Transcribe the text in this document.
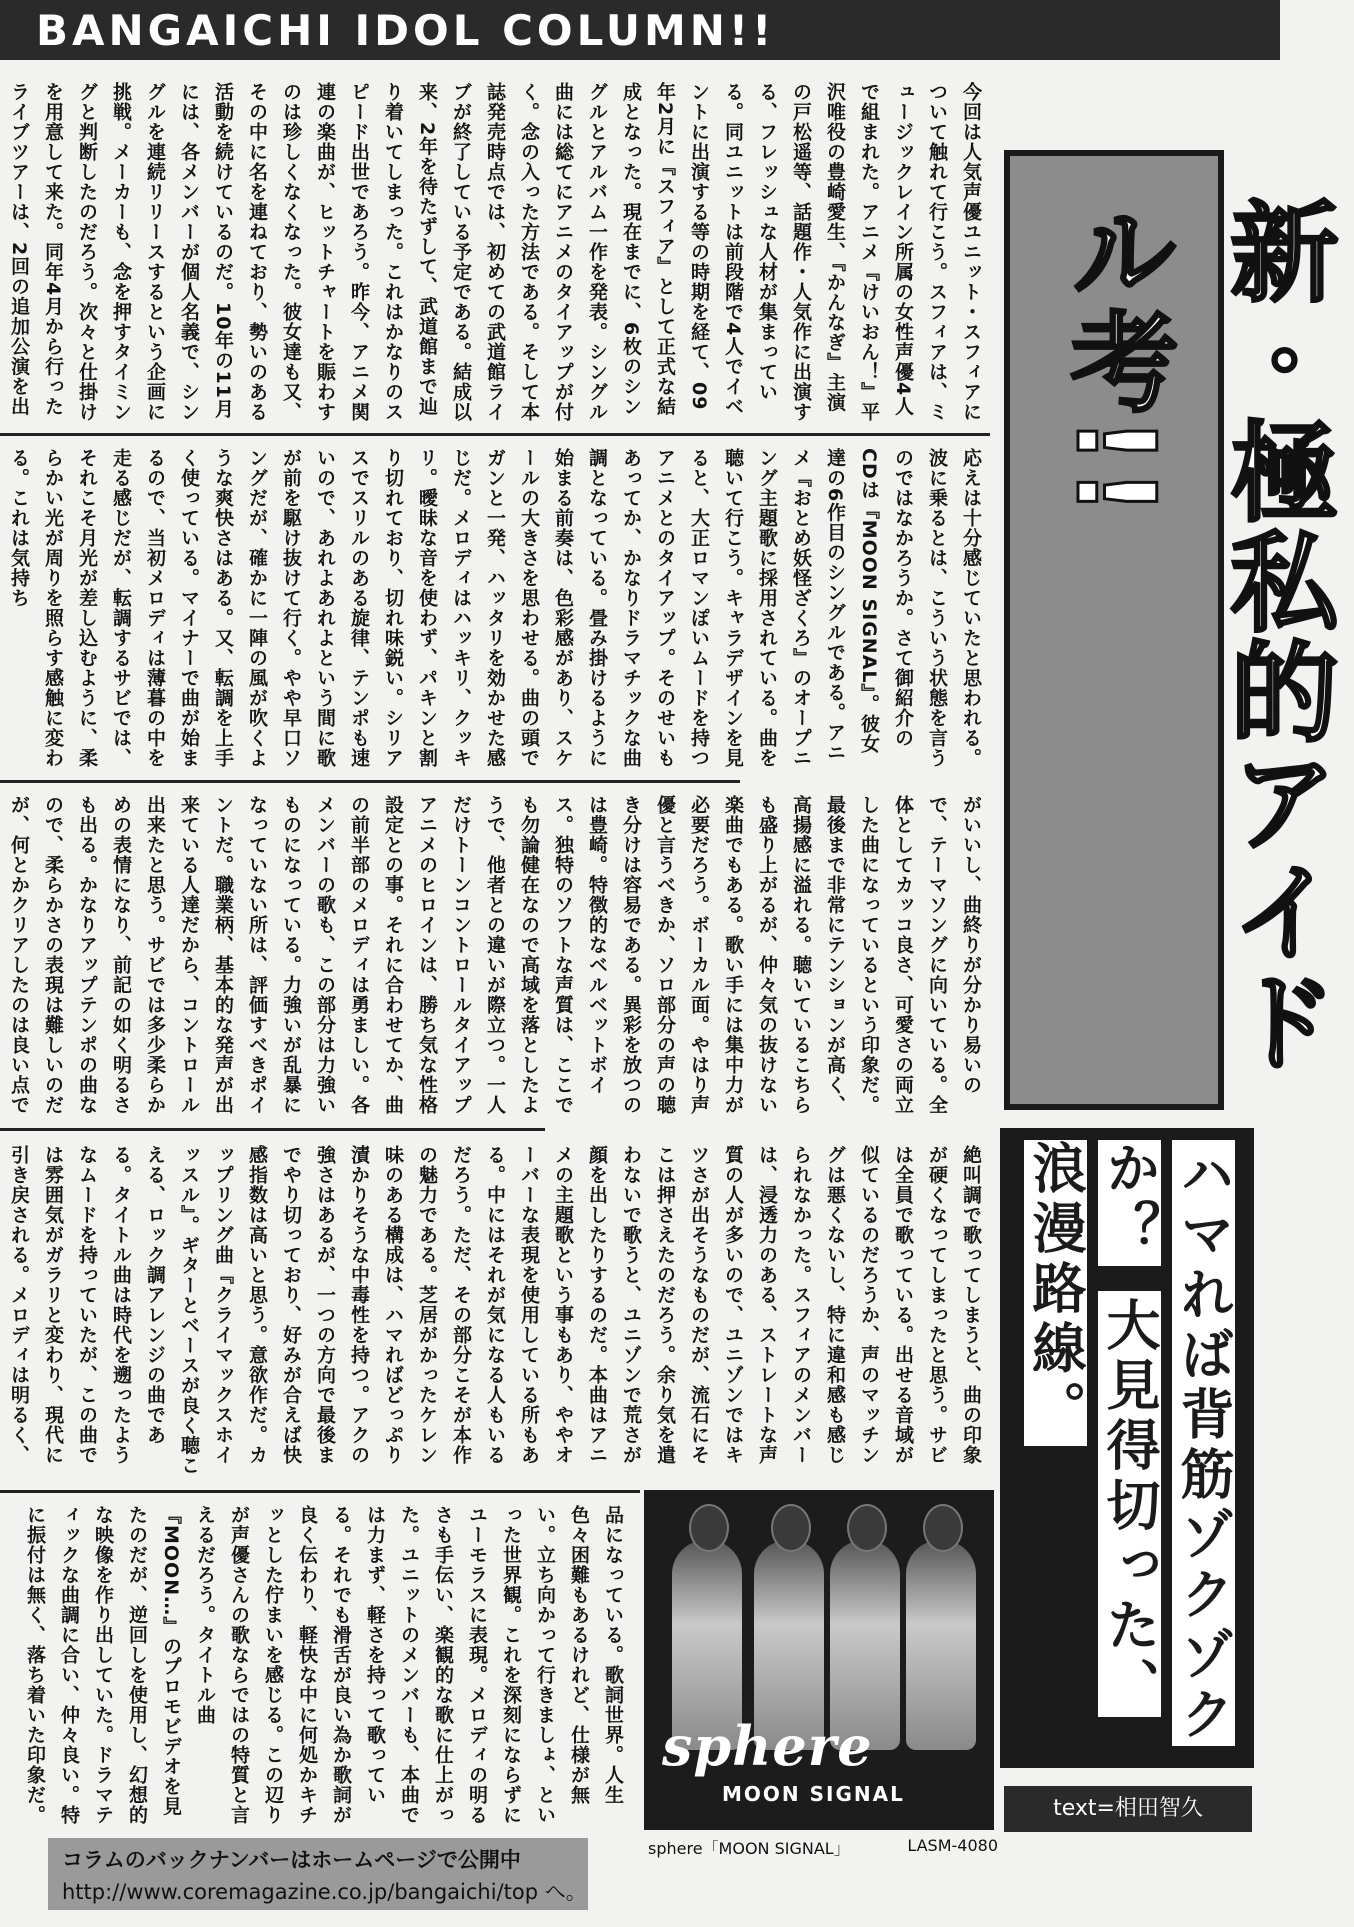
BANGAICHI IDOL COLUMN!!
今回は人気声優ユニット・スフィアについて触れて行こう。スフィアは、ミュージックレイン所属の女性声優4人で組まれた。アニメ『けいおん！』平沢唯役の豊崎愛生、『かんなぎ』主演の戸松遥等、話題作・人気作に出演する、フレッシュな人材が集まっている。同ユニットは前段階で4人でイベントに出演する等の時期を経て、09年2月に『スフィア』として正式な結成となった。現在までに、6枚のシングルとアルバム一作を発表。シングル曲には総てにアニメのタイアップが付く。念の入った方法である。そして本誌発売時点では、初めての武道館ライブが終了している予定である。結成以来、2年を待たずして、武道館まで辿り着いてしまった。これはかなりのスピード出世であろう。昨今、アニメ関連の楽曲が、ヒットチャートを賑わすのは珍しくなくなった。彼女達も又、その中に名を連ねており、勢いのある活動を続けているのだ。10年の11月には、各メンバーが個人名義で、シングルを連続リリースするという企画に挑戦。メーカーも、念を押すタイミングと判断したのだろう。次々と仕掛けを用意して来た。同年4月から行ったライブツアーは、2回の追加公演を出
応えは十分感じていたと思われる。波に乗るとは、こういう状態を言うのではなかろうか。さて御紹介のCDは『MOON SIGNAL』。彼女達の6作目のシングルである。アニメ『おとめ妖怪ざくろ』のオープニング主題歌に採用されている。曲を聴いて行こう。キャラデザインを見ると、大正ロマンぽいムードを持つアニメとのタイアップ。そのせいもあってか、かなりドラマチックな曲調となっている。畳み掛けるように始まる前奏は、色彩感があり、スケールの大きさを思わせる。曲の頭でガンと一発、ハッタリを効かせた感じだ。メロディはハッキリ、クッキリ。曖昧な音を使わず、パキンと割り切れており、切れ味鋭い。シリアスでスリルのある旋律、テンポも速いので、あれよあれよという間に歌が前を駆け抜けて行く。やや早口ソングだが、確かに一陣の風が吹くような爽快さはある。又、転調を上手く使っている。マイナーで曲が始まるので、当初メロディは薄暮の中を走る感じだが、転調するサビでは、それこそ月光が差し込むように、柔らかい光が周りを照らす感触に変わる。これは気持ち
がいいし、曲終りが分かり易いので、テーマソングに向いている。全体としてカッコ良さ、可愛さの両立した曲になっているという印象だ。最後まで非常にテンションが高く、高揚感に溢れる。聴いているこちらも盛り上がるが、仲々気の抜けない楽曲でもある。歌い手には集中力が必要だろう。ボーカル面。やはり声優と言うべきか、ソロ部分の声の聴き分けは容易である。異彩を放つのは豊崎。特徴的なベルベットボイス。独特のソフトな声質は、ここでも勿論健在なので高域を落としたようで、他者との違いが際立つ。一人だけトーンコントロールタイアップアニメのヒロインは、勝ち気な性格設定との事。それに合わせてか、曲の前半部のメロディは勇ましい。各メンバーの歌も、この部分は力強いものになっている。力強いが乱暴になっていない所は、評価すべきポイントだ。職業柄、基本的な発声が出来ている人達だから、コントロール出来たと思う。サビでは多少柔らかめの表情になり、前記の如く明るさも出る。かなりアップテンポの曲なので、柔らかさの表現は難しいのだが、何とかクリアしたのは良い点で
絶叫調で歌ってしまうと、曲の印象が硬くなってしまったと思う。サビは全員で歌っている。出せる音域が似ているのだろうか、声のマッチングは悪くないし、特に違和感も感じられなかった。スフィアのメンバーは、浸透力のある、ストレートな声質の人が多いので、ユニゾンではキツさが出そうなものだが、流石にそこは押さえたのだろう。余り気を遣わないで歌うと、ユニゾンで荒さが顔を出したりするのだ。本曲はアニメの主題歌という事もあり、ややオーバーな表現を使用している所もある。中にはそれが気になる人もいるだろう。ただ、その部分こそが本作の魅力である。芝居がかったケレン味のある構成は、ハマればどっぷり漬かりそうな中毒性を持つ。アクの強さはあるが、一つの方向で最後までやり切っており、好みが合えば快感指数は高いと思う。意欲作だ。カップリング曲『クライマックスホイッスル』。ギターとベースが良く聴こえる、ロック調アレンジの曲である。タイトル曲は時代を遡ったようなムードを持っていたが、この曲では雰囲気がガラリと変わり、現代に引き戻される。メロディは明るく、
品になっている。歌詞世界。人生色々困難もあるけれど、仕様が無い。立ち向かって行きましょ、といった世界観。これを深刻にならずにユーモラスに表現。メロディの明るさも手伝い、楽観的な歌に仕上がった。ユニットのメンバーも、本曲では力まず、軽さを持って歌っている。それでも滑舌が良い為か歌詞が良く伝わり、軽快な中に何処かキチッとした佇まいを感じる。この辺りが声優さんの歌ならではの特質と言えるだろう。タイトル曲『MOON…』のプロモビデオを見たのだが、逆回しを使用し、幻想的な映像を作り出していた。ドラマティックな曲調に合い、仲々良い。特に振付は無く、落ち着いた印象だ。
新・極私的アイドル考!!
ハマれば背筋ゾクゾクか？ 大見得切った、浪漫路線。
text=相田智久
sphere
MOON SIGNAL
sphere「MOON SIGNAL」	LASM-4080
コラムのバックナンバーはホームページで公開中
http://www.coremagazine.co.jp/bangaichi/top へ。
